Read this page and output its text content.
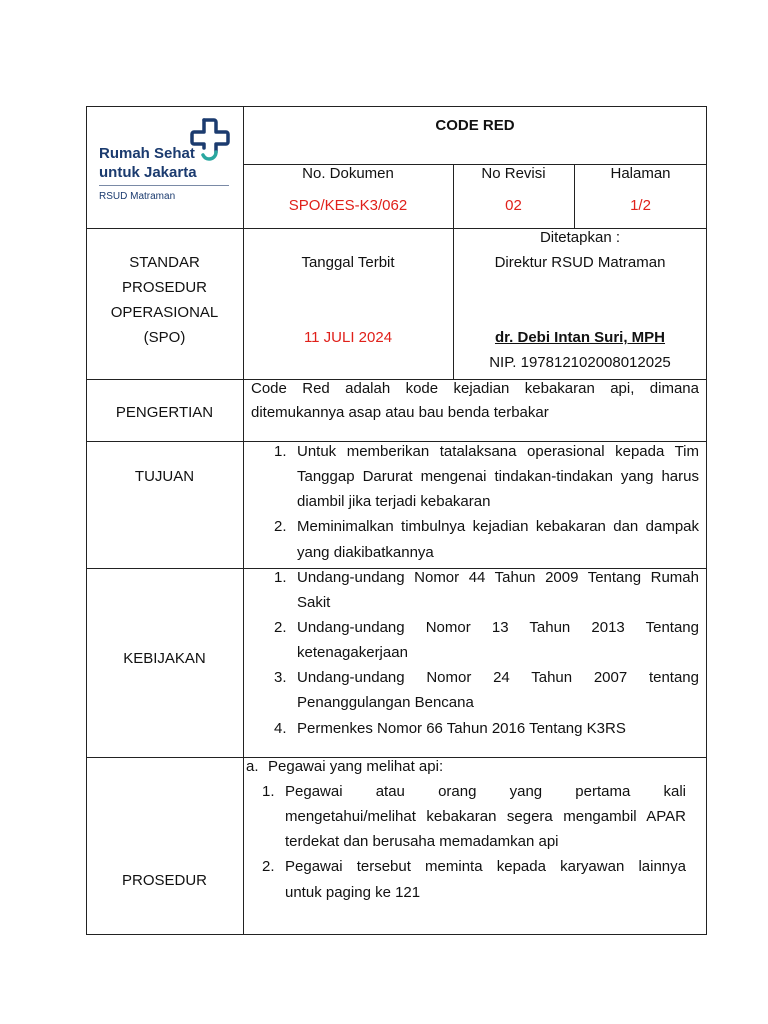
Rumah Sehat
untuk Jakarta
RSUD Matraman
CODE RED
No. Dokumen
SPO/KES-K3/062
No Revisi
02
Halaman
1/2
STANDAR
PROSEDUR
OPERASIONAL
(SPO)
Tanggal Terbit
11 JULI 2024
Ditetapkan :
Direktur RSUD Matraman
dr. Debi Intan Suri, MPH
NIP. 197812102008012025
PENGERTIAN
Code Red adalah kode kejadian kebakaran api, dimana
ditemukannya asap atau bau benda terbakar
TUJUAN
1. Untuk memberikan tatalaksana operasional kepada Tim
Tanggap Darurat mengenai tindakan-tindakan yang harus
diambil jika terjadi kebakaran
2. Meminimalkan timbulnya kejadian kebakaran dan dampak
yang diakibatkannya
KEBIJAKAN
1. Undang-undang Nomor 44 Tahun 2009 Tentang Rumah
Sakit
2. Undang-undang Nomor 13 Tahun 2013 Tentang
ketenagakerjaan
3. Undang-undang Nomor 24 Tahun 2007 tentang
Penanggulangan Bencana
4. Permenkes Nomor 66 Tahun 2016 Tentang K3RS
PROSEDUR
a. Pegawai yang melihat api:
1. Pegawai atau orang yang pertama kali
mengetahui/melihat kebakaran segera mengambil APAR
terdekat dan berusaha memadamkan api
2. Pegawai tersebut meminta kepada karyawan lainnya
untuk paging ke 121
